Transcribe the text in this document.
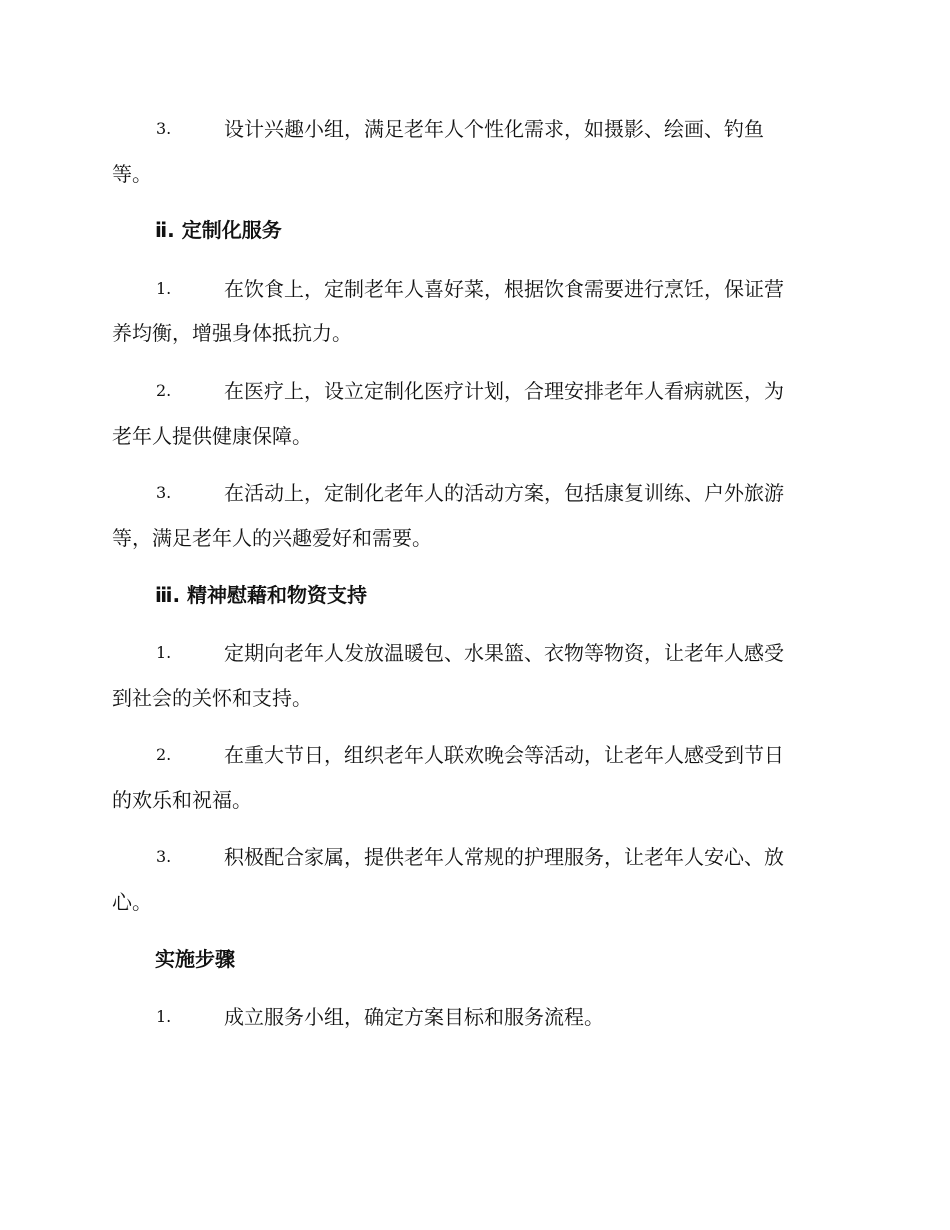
3.	设计兴趣小组，满足老年人个性化需求，如摄影、绘画、钓鱼
等。
ⅱ. 定制化服务
1.	在饮食上，定制老年人喜好菜，根据饮食需要进行烹饪，保证营
养均衡，增强身体抵抗力。
2.	在医疗上，设立定制化医疗计划，合理安排老年人看病就医，为
老年人提供健康保障。
3.	在活动上，定制化老年人的活动方案，包括康复训练、户外旅游
等，满足老年人的兴趣爱好和需要。
ⅲ. 精神慰藉和物资支持
1.	定期向老年人发放温暖包、水果篮、衣物等物资，让老年人感受
到社会的关怀和支持。
2.	在重大节日，组织老年人联欢晚会等活动，让老年人感受到节日
的欢乐和祝福。
3.	积极配合家属，提供老年人常规的护理服务，让老年人安心、放
心。
实施步骤
1.	成立服务小组，确定方案目标和服务流程。
